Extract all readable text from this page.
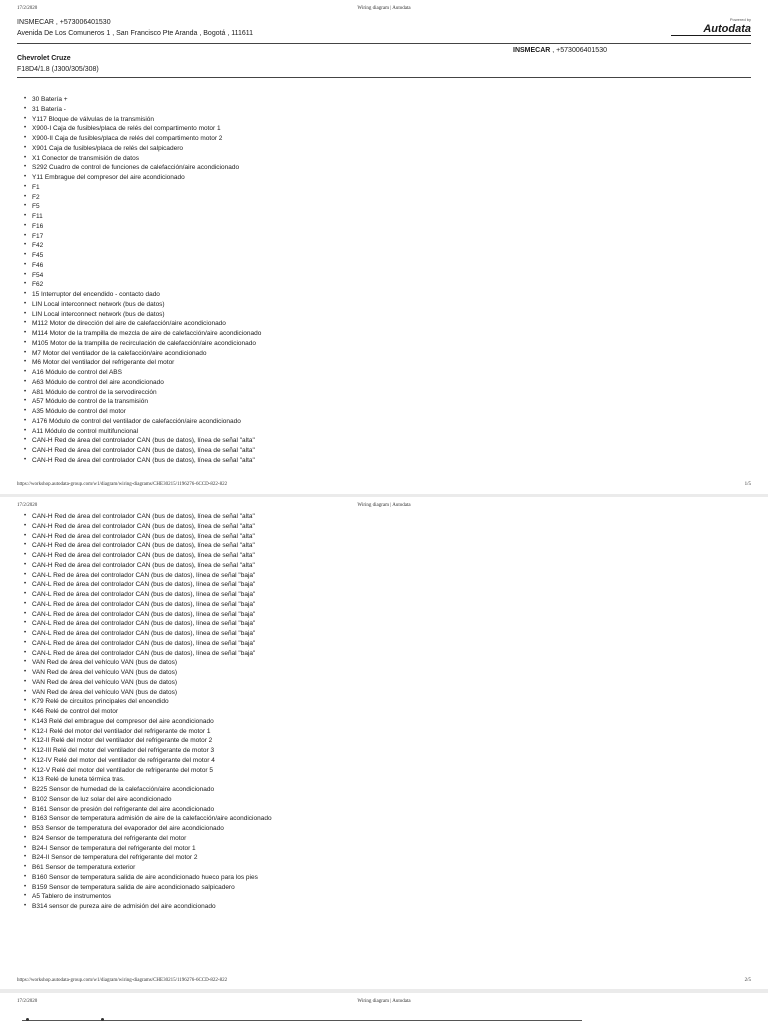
17/2/2020	Wiring diagram | Autodata
INSMECAR , +573006401530
Avenida De Los Comuneros 1 , San Francisco Pte Aranda , Bogotá , 111611
Powered by
Autodata
Chevrolet Cruze
F18D4/1.8 (J300/305/308)
INSMECAR , +573006401530
• 30 Batería +
• 31 Batería -
• Y117 Bloque de válvulas de la transmisión
• X900-I Caja de fusibles/placa de relés del compartimento motor 1
• X900-II Caja de fusibles/placa de relés del compartimento motor 2
• X901 Caja de fusibles/placa de relés del salpicadero
• X1 Conector de transmisión de datos
• S292 Cuadro de control de funciones de calefacción/aire acondicionado
• Y11 Embrague del compresor del aire acondicionado
• F1
• F2
• F5
• F11
• F16
• F17
• F42
• F45
• F46
• F54
• F62
• 15 Interruptor del encendido - contacto dado
• LIN Local interconnect network (bus de datos)
• LIN Local interconnect network (bus de datos)
• M112 Motor de dirección del aire de calefacción/aire acondicionado
• M114 Motor de la trampilla de mezcla de aire de calefacción/aire acondicionado
• M105 Motor de la trampilla de recirculación de calefacción/aire acondicionado
• M7 Motor del ventilador de la calefacción/aire acondicionado
• M6 Motor del ventilador del refrigerante del motor
• A16 Módulo de control del ABS
• A63 Módulo de control del aire acondicionado
• A81 Módulo de control de la servodirección
• A57 Módulo de control de la transmisión
• A35 Módulo de control del motor
• A176 Módulo de control del ventilador de calefacción/aire acondicionado
• A11 Módulo de control multifuncional
• CAN-H Red de área del controlador CAN (bus de datos), línea de señal "alta"
• CAN-H Red de área del controlador CAN (bus de datos), línea de señal "alta"
• CAN-H Red de área del controlador CAN (bus de datos), línea de señal "alta"
https://workshop.autodata-group.com/w1/diagram/wiring-diagrams/CHE30215/1196276-6CCD-822-822	1/5
17/2/2020	Wiring diagram | Autodata
• CAN-H Red de área del controlador CAN (bus de datos), línea de señal "alta"
• CAN-H Red de área del controlador CAN (bus de datos), línea de señal "alta"
• CAN-H Red de área del controlador CAN (bus de datos), línea de señal "alta"
• CAN-H Red de área del controlador CAN (bus de datos), línea de señal "alta"
• CAN-H Red de área del controlador CAN (bus de datos), línea de señal "alta"
• CAN-H Red de área del controlador CAN (bus de datos), línea de señal "alta"
• CAN-L Red de área del controlador CAN (bus de datos), línea de señal "baja"
• CAN-L Red de área del controlador CAN (bus de datos), línea de señal "baja"
• CAN-L Red de área del controlador CAN (bus de datos), línea de señal "baja"
• CAN-L Red de área del controlador CAN (bus de datos), línea de señal "baja"
• CAN-L Red de área del controlador CAN (bus de datos), línea de señal "baja"
• CAN-L Red de área del controlador CAN (bus de datos), línea de señal "baja"
• CAN-L Red de área del controlador CAN (bus de datos), línea de señal "baja"
• CAN-L Red de área del controlador CAN (bus de datos), línea de señal "baja"
• CAN-L Red de área del controlador CAN (bus de datos), línea de señal "baja"
• VAN Red de área del vehículo VAN (bus de datos)
• VAN Red de área del vehículo VAN (bus de datos)
• VAN Red de área del vehículo VAN (bus de datos)
• VAN Red de área del vehículo VAN (bus de datos)
• K79 Relé de circuitos principales del encendido
• K46 Relé de control del motor
• K143 Relé del embrague del compresor del aire acondicionado
• K12-I Relé del motor del ventilador del refrigerante de motor 1
• K12-II Relé del motor del ventilador del refrigerante de motor 2
• K12-III Relé del motor del ventilador del refrigerante de motor 3
• K12-IV Relé del motor del ventilador de refrigerante del motor 4
• K12-V Relé del motor del ventilador de refrigerante del motor 5
• K13 Relé de luneta térmica tras.
• B225 Sensor de humedad de la calefacción/aire acondicionado
• B102 Sensor de luz solar del aire acondicionado
• B161 Sensor de presión del refrigerante del aire acondicionado
• B163 Sensor de temperatura admisión de aire de la calefacción/aire acondicionado
• B53 Sensor de temperatura del evaporador del aire acondicionado
• B24 Sensor de temperatura del refrigerante del motor
• B24-I Sensor de temperatura del refrigerante del motor 1
• B24-II Sensor de temperatura del refrigerante del motor 2
• B61 Sensor de temperatura exterior
• B160 Sensor de temperatura salida de aire acondicionado hueco para los pies
• B159 Sensor de temperatura salida de aire acondicionado salpicadero
• A5 Tablero de instrumentos
• B314 sensor de pureza aire de admisión del aire acondicionado
https://workshop.autodata-group.com/w1/diagram/wiring-diagrams/CHE30215/1196276-6CCD-822-822	2/5
17/2/2020	Wiring diagram | Autodata
